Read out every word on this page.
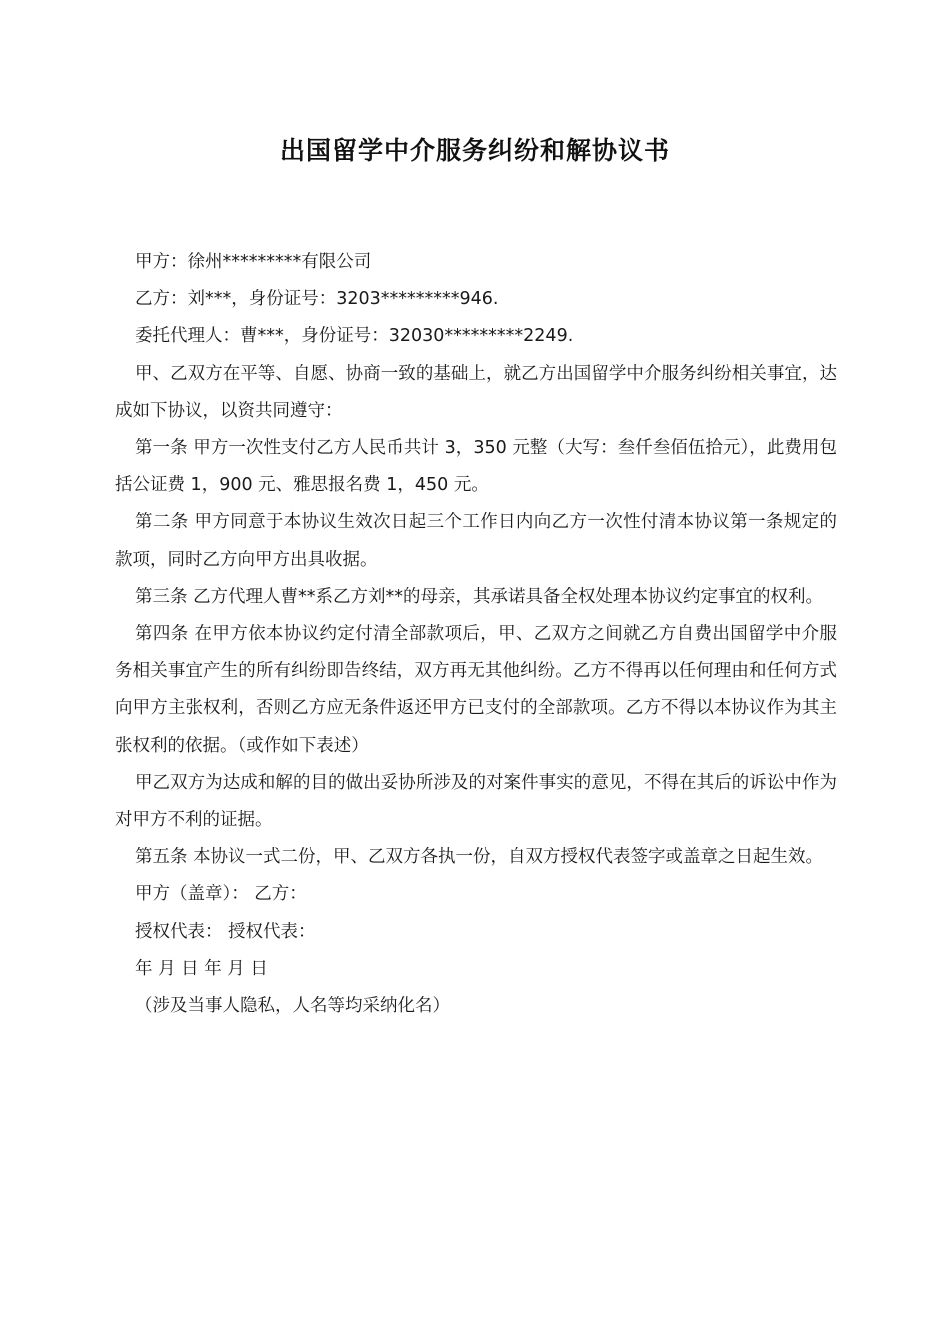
出国留学中介服务纠纷和解协议书

甲方：徐州*********有限公司

乙方：刘***，身份证号：3203*********946.

委托代理人：曹***，身份证号：32030*********2249.

甲、乙双方在平等、自愿、协商一致的基础上，就乙方出国留学中介服务纠纷相关事宜，达成如下协议，以资共同遵守：

第一条 甲方一次性支付乙方人民币共计 3，350 元整（大写：叁仟叁佰伍拾元），此费用包括公证费 1，900 元、雅思报名费 1，450 元。

第二条 甲方同意于本协议生效次日起三个工作日内向乙方一次性付清本协议第一条规定的款项，同时乙方向甲方出具收据。

第三条 乙方代理人曹**系乙方刘**的母亲，其承诺具备全权处理本协议约定事宜的权利。

第四条 在甲方依本协议约定付清全部款项后，甲、乙双方之间就乙方自费出国留学中介服务相关事宜产生的所有纠纷即告终结，双方再无其他纠纷。乙方不得再以任何理由和任何方式向甲方主张权利，否则乙方应无条件返还甲方已支付的全部款项。乙方不得以本协议作为其主张权利的依据。（或作如下表述）

甲乙双方为达成和解的目的做出妥协所涉及的对案件事实的意见，不得在其后的诉讼中作为对甲方不利的证据。

第五条 本协议一式二份，甲、乙双方各执一份，自双方授权代表签字或盖章之日起生效。

甲方（盖章）： 乙方：

授权代表： 授权代表：

年 月 日 年 月 日

（涉及当事人隐私，人名等均采纳化名）
